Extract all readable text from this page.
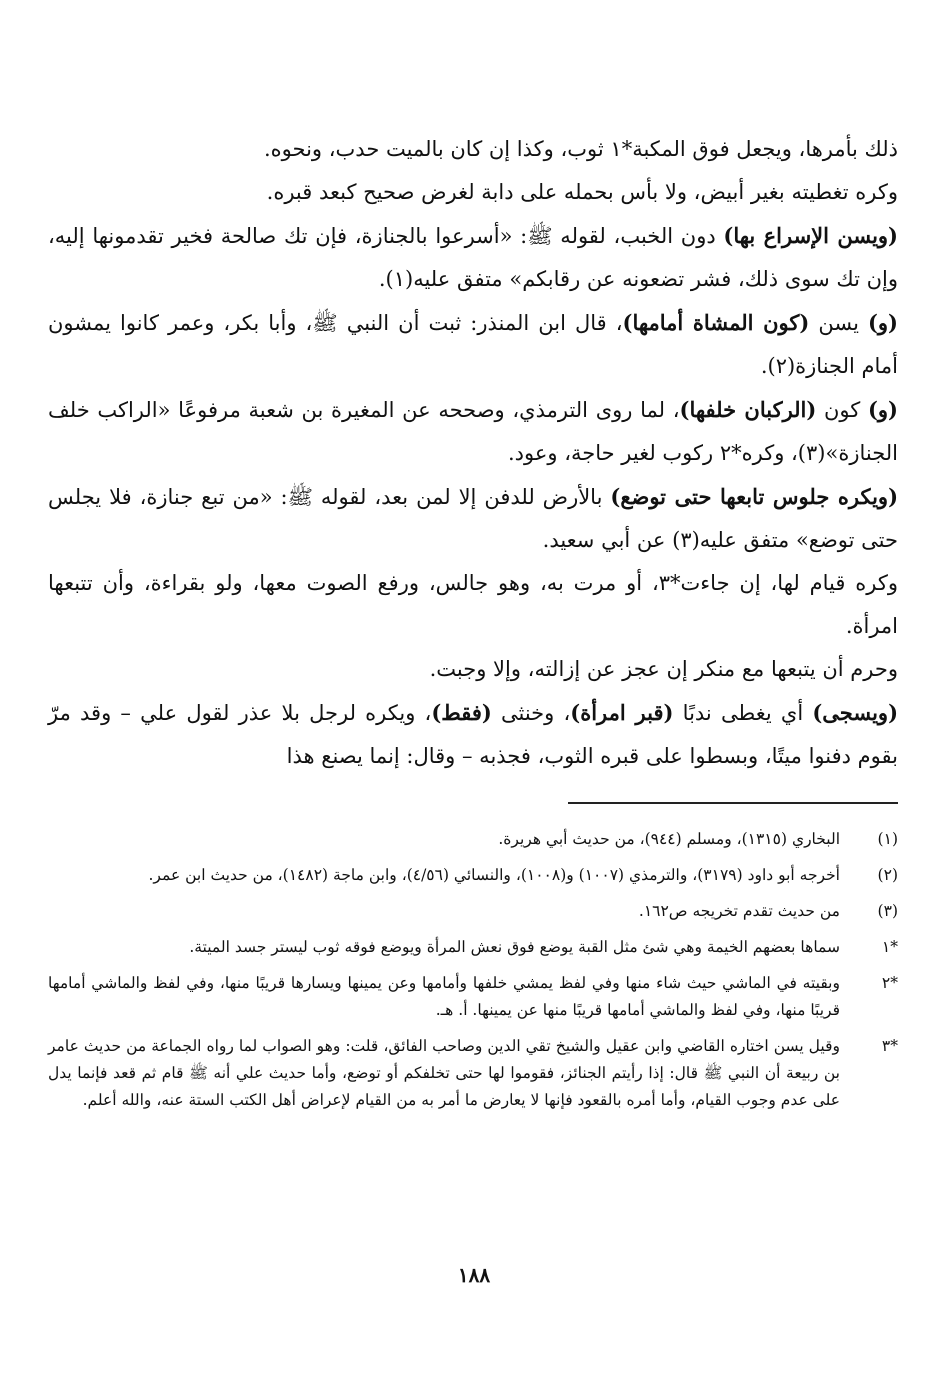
ذلك بأمرها، ويجعل فوق المكبة*١ ثوب، وكذا إن كان بالميت حدب، ونحوه.

وكره تغطيته بغير أبيض، ولا بأس بحمله على دابة لغرض صحيح كبعد قبره.

(ويسن الإسراع بها) دون الخبب، لقوله ﷺ: «أسرعوا بالجنازة، فإن تك صالحة فخير تقدمونها إليه، وإن تك سوى ذلك، فشر تضعونه عن رقابكم» متفق عليه(١).

(و) يسن (كون المشاة أمامها)، قال ابن المنذر: ثبت أن النبي ﷺ، وأبا بكر، وعمر كانوا يمشون أمام الجنازة(٢).

(و) كون (الركبان خلفها)، لما روى الترمذي، وصححه عن المغيرة بن شعبة مرفوعًا «الراكب خلف الجنازة»(٣)، وكره*٢ ركوب لغير حاجة، وعود.

(ويكره جلوس تابعها حتى توضع) بالأرض للدفن إلا لمن بعد، لقوله ﷺ: «من تبع جنازة، فلا يجلس حتى توضع» متفق عليه(٣) عن أبي سعيد.

وكره قيام لها، إن جاءت*٣، أو مرت به، وهو جالس، ورفع الصوت معها، ولو بقراءة، وأن تتبعها امرأة.

وحرم أن يتبعها مع منكر إن عجز عن إزالته، وإلا وجبت.

(ويسجى) أي يغطى ندبًا (قبر امرأة)، وخنثى (فقط)، ويكره لرجل بلا عذر لقول علي – وقد مرّ بقوم دفنوا ميتًا، وبسطوا على قبره الثوب، فجذبه – وقال: إنما يصنع هذا

(١)
البخاري (١٣١٥)، ومسلم (٩٤٤)، من حديث أبي هريرة.
(٢)
أخرجه أبو داود (٣١٧٩)، والترمذي (١٠٠٧) و(١٠٠٨)، والنسائي (٤/٥٦)، وابن ماجة (١٤٨٢)، من حديث ابن عمر.
(٣)
من حديث تقدم تخريجه ص١٦٢.
*١
سماها بعضهم الخيمة وهي شئ مثل القبة يوضع فوق نعش المرأة ويوضع فوقه ثوب ليستر جسد الميتة.
*٢
وبقيته في الماشي حيث شاء منها وفي لفظ يمشي خلفها وأمامها وعن يمينها ويسارها قريبًا منها، وفي لفظ والماشي أمامها قريبًا منها، وفي لفظ والماشي أمامها قريبًا منها عن يمينها. أ. هـ.
*٣
وقيل يسن اختاره القاضي وابن عقيل والشيخ تقي الدين وصاحب الفائق، قلت: وهو الصواب لما رواه الجماعة من حديث عامر بن ربيعة أن النبي ﷺ قال: إذا رأيتم الجنائز، فقوموا لها حتى تخلفكم أو توضع، وأما حديث علي أنه ﷺ قام ثم قعد فإنما يدل على عدم وجوب القيام، وأما أمره بالقعود فإنها لا يعارض ما أمر به من القيام لإعراض أهل الكتب الستة عنه، والله أعلم.
١٨٨
